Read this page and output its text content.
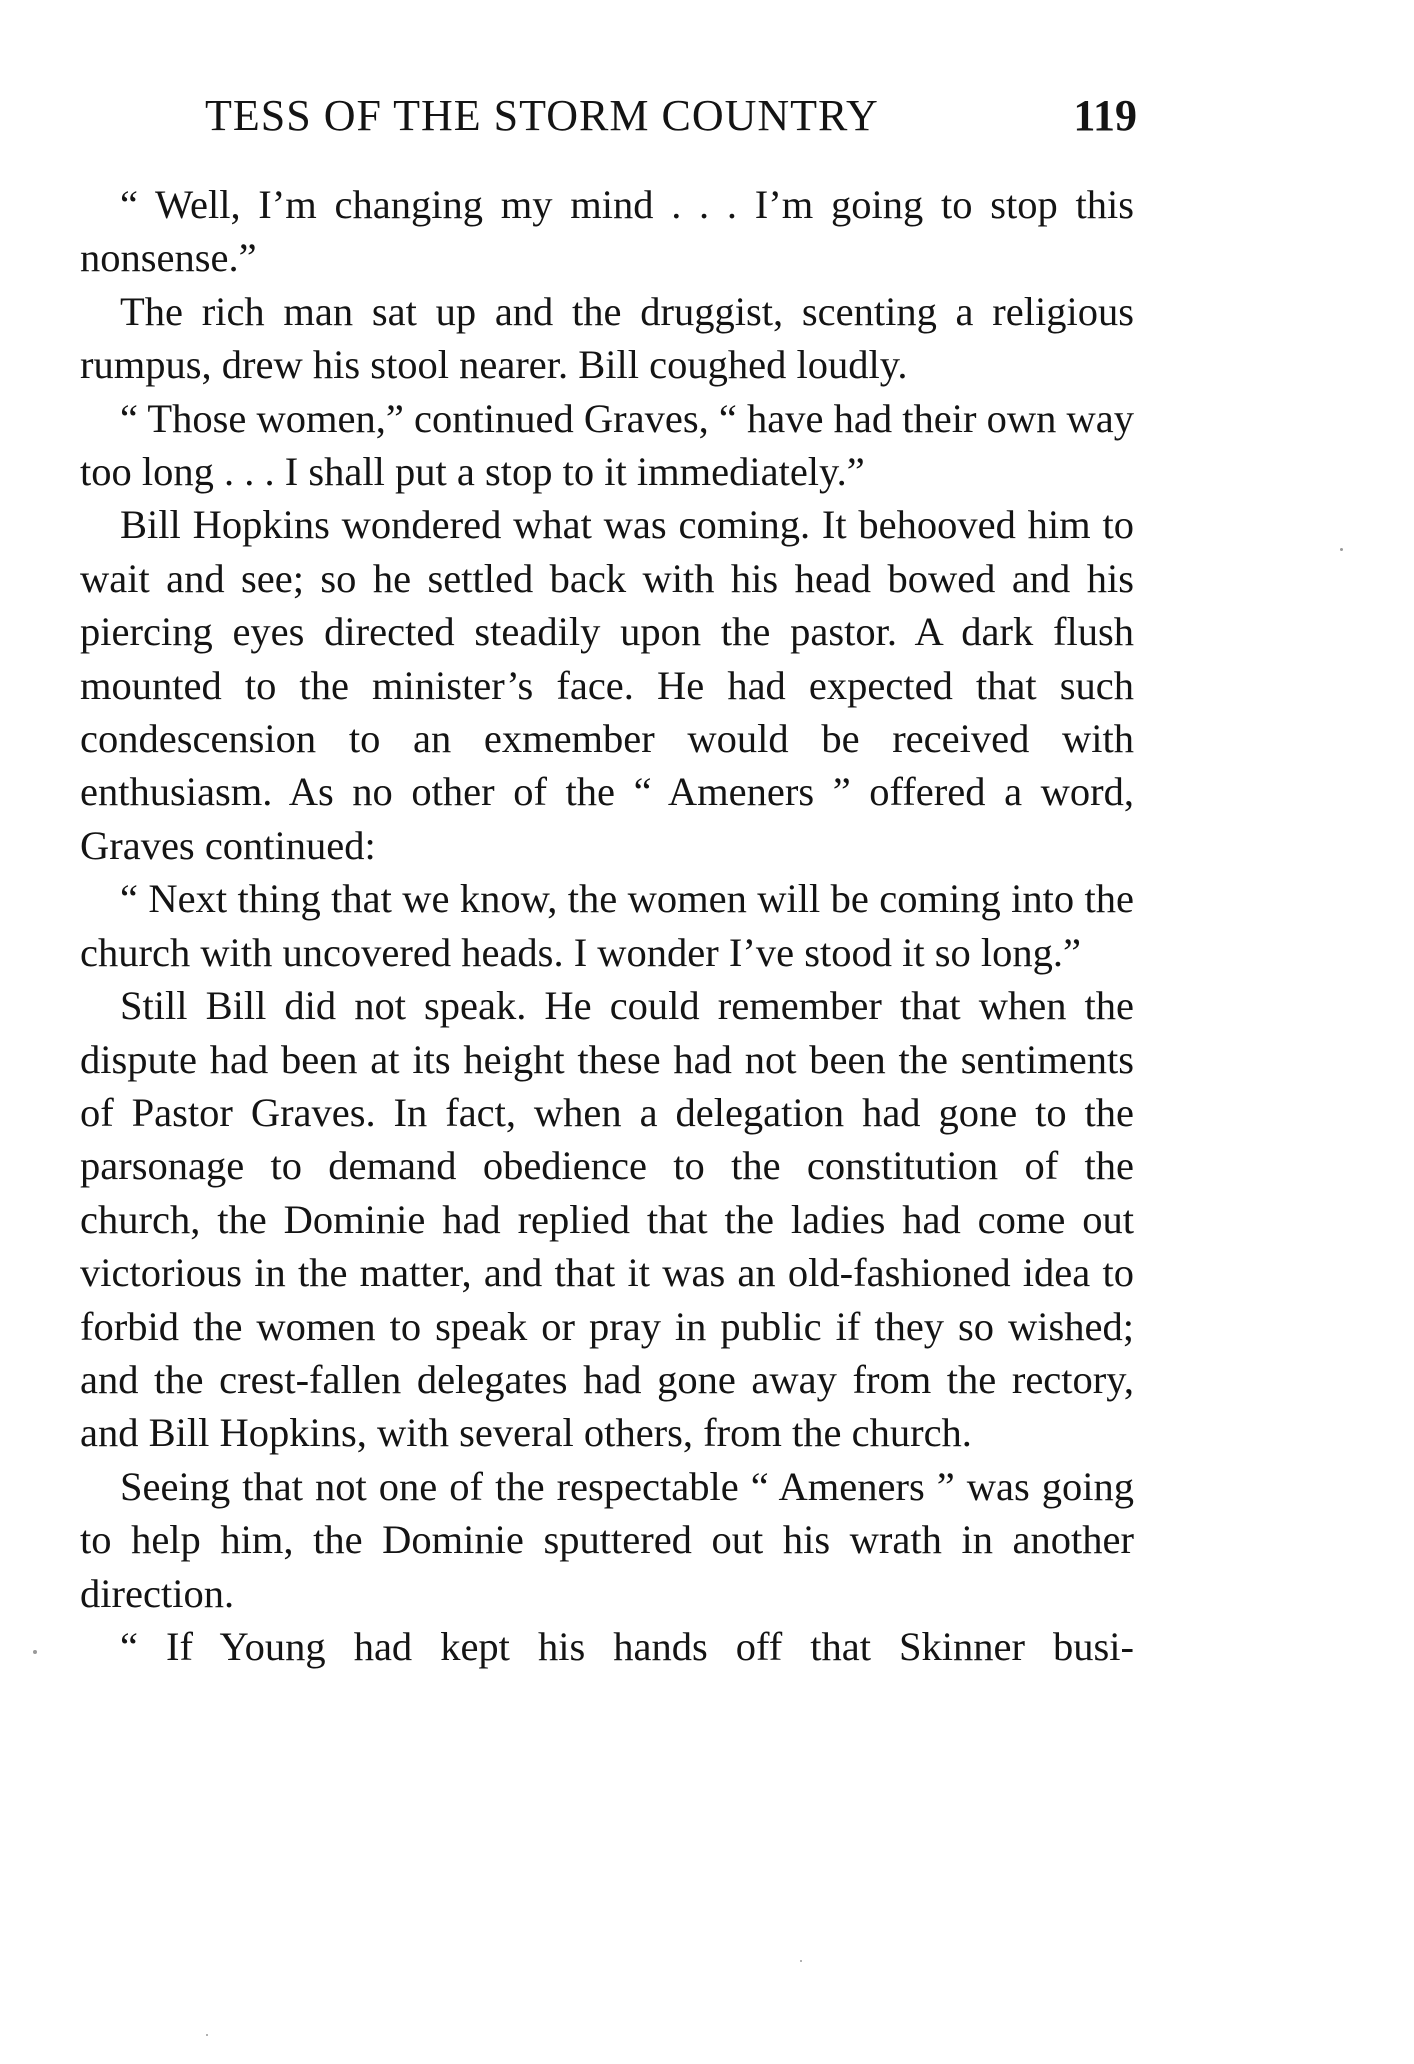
TESS OF THE STORM COUNTRY	119

“ Well, I’m changing my mind . . . I’m going to stop this nonsense.”

The rich man sat up and the druggist, scenting a religious rumpus, drew his stool nearer. Bill coughed loudly.

“ Those women,” continued Graves, “ have had their own way too long . . . I shall put a stop to it immediately.”

Bill Hopkins wondered what was coming. It behooved him to wait and see; so he settled back with his head bowed and his piercing eyes directed steadily upon the pastor. A dark flush mounted to the minister’s face. He had expected that such condescension to an exmember would be received with enthusiasm. As no other of the “ Ameners ” offered a word, Graves continued:

“ Next thing that we know, the women will be coming into the church with uncovered heads. I wonder I’ve stood it so long.”

Still Bill did not speak. He could remember that when the dispute had been at its height these had not been the sentiments of Pastor Graves. In fact, when a delegation had gone to the parsonage to demand obedience to the constitution of the church, the Dominie had replied that the ladies had come out victorious in the matter, and that it was an old-fashioned idea to forbid the women to speak or pray in public if they so wished; and the crest-fallen delegates had gone away from the rectory, and Bill Hopkins, with several others, from the church.

Seeing that not one of the respectable “ Ameners ” was going to help him, the Dominie sputtered out his wrath in another direction.

“ If Young had kept his hands off that Skinner busi-
